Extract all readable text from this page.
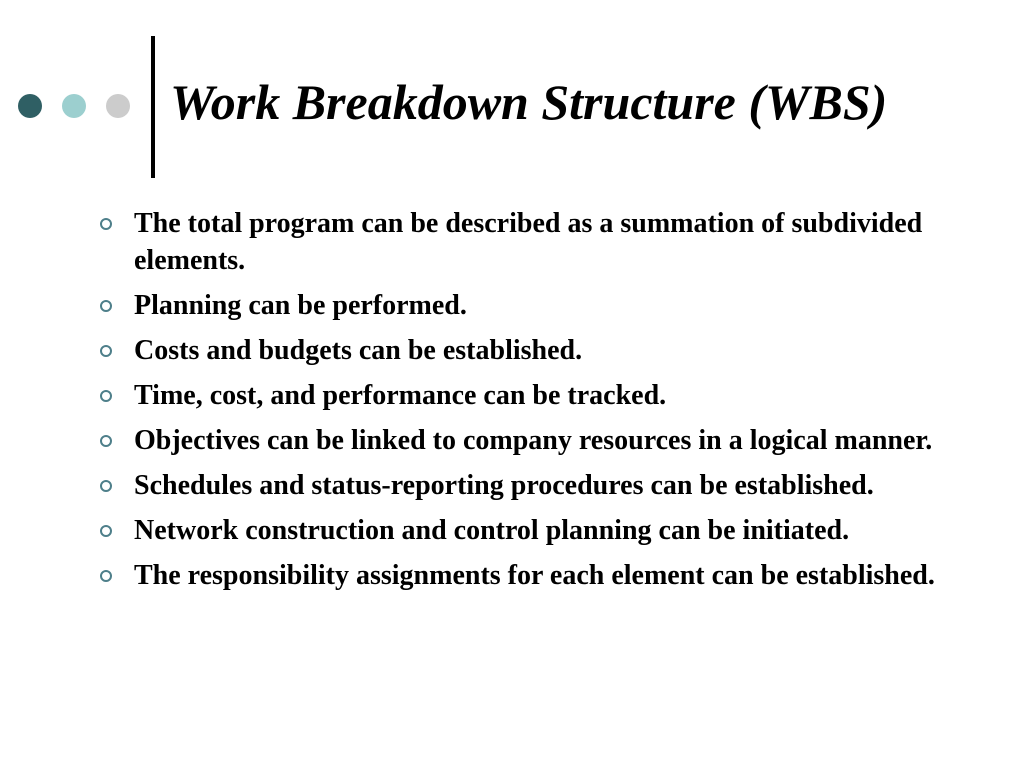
Work Breakdown Structure (WBS)
The total program can be described as a summation of subdivided elements.
Planning can be performed.
Costs and budgets can be established.
Time, cost, and performance can be tracked.
Objectives can be linked to company resources in a logical manner.
Schedules and status-reporting procedures can be established.
Network construction and control planning can be initiated.
The responsibility assignments for each element can be established.
